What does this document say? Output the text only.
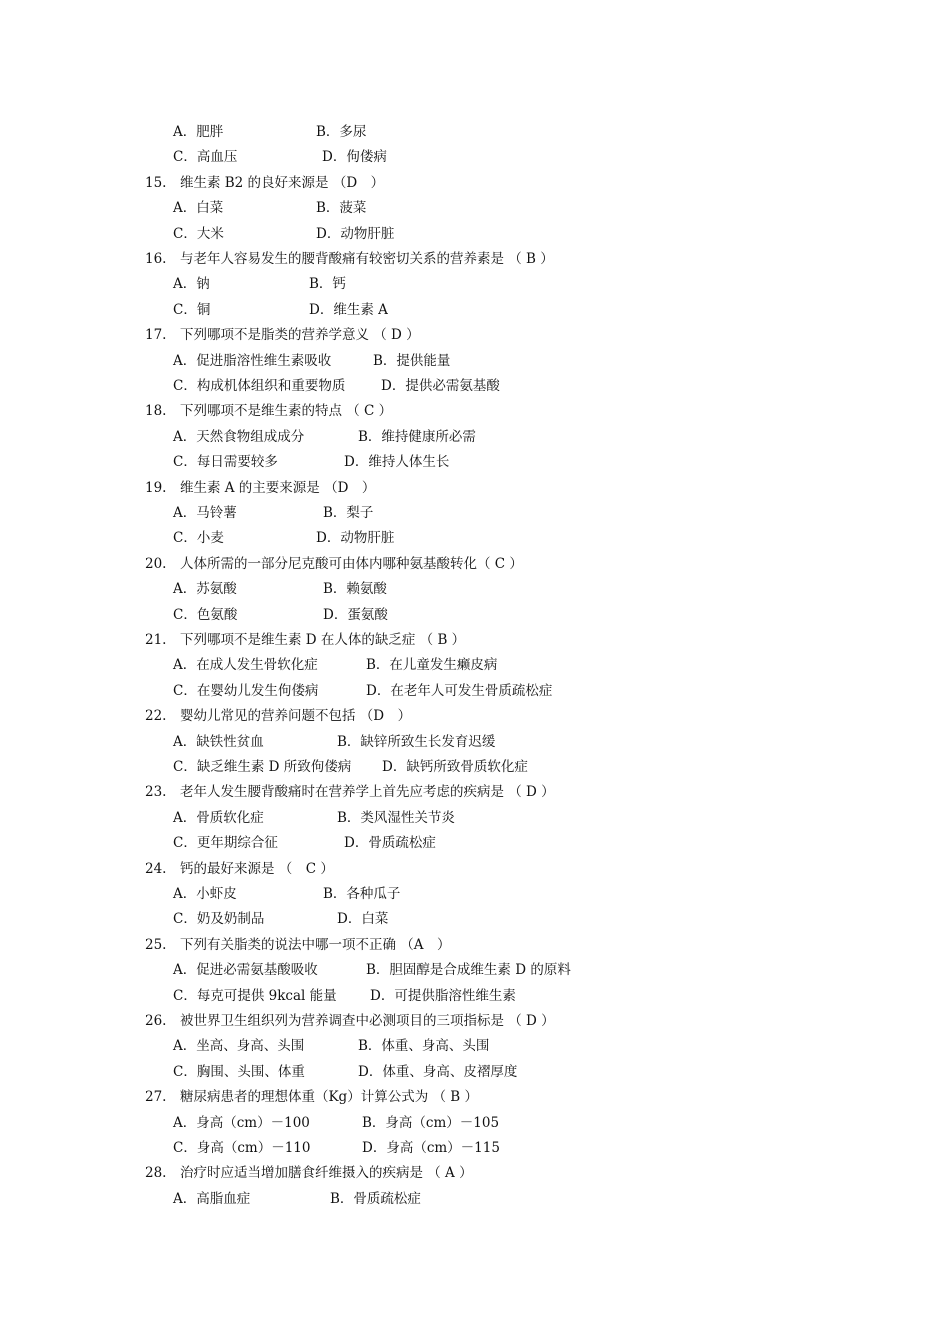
A．肥胖	B．多尿
C．高血压	D．佝偻病
15.　维生素 B2 的良好来源是 （D　）
A．白菜	B．菠菜
C．大米	D．动物肝脏
16.　与老年人容易发生的腰背酸痛有较密切关系的营养素是 （ B ）
A．钠	B．钙
C．铜	D．维生素 A
17.　下列哪项不是脂类的营养学意义 （ D ）
A．促进脂溶性维生素吸收	B．提供能量
C．构成机体组织和重要物质	D．提供必需氨基酸
18.　下列哪项不是维生素的特点 （ C ）
A．天然食物组成成分	B．维持健康所必需
C．每日需要较多	D．维持人体生长
19.　维生素 A 的主要来源是 （D　）
A．马铃薯	B．梨子
C．小麦	D．动物肝脏
20.　人体所需的一部分尼克酸可由体内哪种氨基酸转化（ C ）
A．苏氨酸	B．赖氨酸
C．色氨酸	D．蛋氨酸
21.　下列哪项不是维生素 D 在人体的缺乏症 （ B ）
A．在成人发生骨软化症	B．在儿童发生癞皮病
C．在婴幼儿发生佝偻病	D．在老年人可发生骨质疏松症
22.　婴幼儿常见的营养问题不包括 （D　）
A．缺铁性贫血	B．缺锌所致生长发育迟缓
C．缺乏维生素 D 所致佝偻病 D．缺钙所致骨质软化症
23.　老年人发生腰背酸痛时在营养学上首先应考虑的疾病是 （ D ）
A．骨质软化症	B．类风湿性关节炎
C．更年期综合征	D．骨质疏松症
24.　钙的最好来源是 （　C ）
A．小虾皮	B．各种瓜子
C．奶及奶制品	D．白菜
25.　下列有关脂类的说法中哪一项不正确 （A　）
A．促进必需氨基酸吸收	B．胆固醇是合成维生素 D 的原料
C．每克可提供 9kcal 能量 D．可提供脂溶性维生素
26.　被世界卫生组织列为营养调查中必测项目的三项指标是 （ D ）
A．坐高、身高、头围	B．体重、身高、头围
C．胸围、头围、体重	D．体重、身高、皮褶厚度
27.　糖尿病患者的理想体重（Kg）计算公式为 （ B ）
A．身高（cm）－100	B．身高（cm）－105
C．身高（cm）－110	D．身高（cm）－115
28.　治疗时应适当增加膳食纤维摄入的疾病是 （ A ）
A．高脂血症	B．骨质疏松症
